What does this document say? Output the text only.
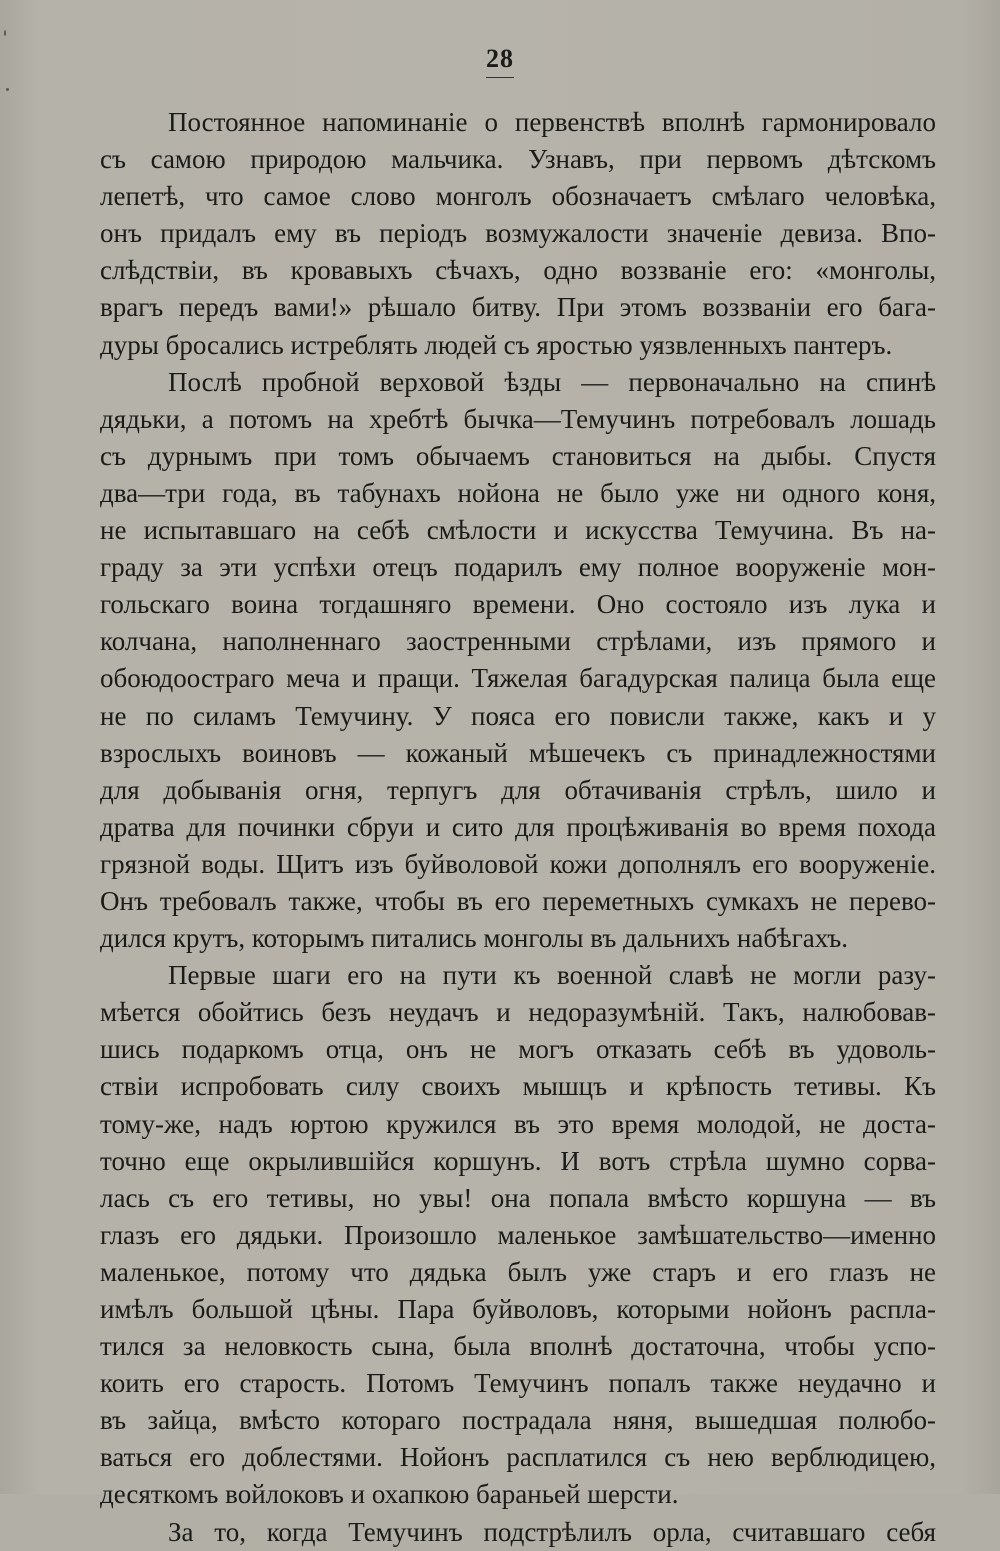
28
Постоянное напоминанiе о первенствѣ вполнѣ гармонировало
съ самою природою мальчика. Узнавъ, при первомъ дѣтскомъ
лепетѣ, что самое слово монголъ обозначаетъ смѣлаго человѣка,
онъ придалъ ему въ перiодъ возмужалости значенiе девиза. Впо-
слѣдствiи, въ кровавыхъ сѣчахъ, одно воззванiе его: «монголы,
врагъ передъ вами!» рѣшало битву. При этомъ воззванiи его бага-
дуры бросались истреблять людей съ яростью уязвленныхъ пантеръ.
Послѣ пробной верховой ѣзды — первоначально на спинѣ
дядьки, а потомъ на хребтѣ бычка—Темучинъ потребовалъ лошадь
съ дурнымъ при томъ обычаемъ становиться на дыбы. Спустя
два—три года, въ табунахъ нойона не было уже ни одного коня,
не испытавшаго на себѣ смѣлости и искусства Темучина. Въ на-
граду за эти успѣхи отецъ подарилъ ему полное вооруженiе мон-
гольскаго воина тогдашняго времени. Оно состояло изъ лука и
колчана, наполненнаго заостренными стрѣлами, изъ прямого и
обоюдоостраго меча и пращи. Тяжелая багадурская палица была еще
не по силамъ Темучину. У пояса его повисли также, какъ и у
взрослыхъ воиновъ — кожаный мѣшечекъ съ принадлежностями
для добыванiя огня, терпугъ для обтачиванiя стрѣлъ, шило и
дратва для починки сбруи и сито для процѣживанiя во время похода
грязной воды. Щитъ изъ буйволовой кожи дополнялъ его вооруженiе.
Онъ требовалъ также, чтобы въ его переметныхъ сумкахъ не перево-
дился крутъ, которымъ питались монголы въ дальнихъ набѣгахъ.
Первые шаги его на пути къ военной славѣ не могли разу-
мѣется обойтись безъ неудачъ и недоразумѣнiй. Такъ, налюбовав-
шись подаркомъ отца, онъ не могъ отказать себѣ въ удоволь-
ствiи испробовать силу своихъ мышцъ и крѣпость тетивы. Къ
тому-же, надъ юртою кружился въ это время молодой, не доста-
точно еще окрылившiйся коршунъ. И вотъ стрѣла шумно сорва-
лась съ его тетивы, но увы! она попала вмѣсто коршуна — въ
глазъ его дядьки. Произошло маленькое замѣшательство—именно
маленькое, потому что дядька былъ уже старъ и его глазъ не
имѣлъ большой цѣны. Пара буйволовъ, которыми нойонъ распла-
тился за неловкость сына, была вполнѣ достаточна, чтобы успо-
коить его старость. Потомъ Темучинъ попалъ также неудачно и
въ зайца, вмѣсто котораго пострадала няня, вышедшая полюбо-
ваться его доблестями. Нойонъ расплатился съ нею верблюдицею,
десяткомъ войлоковъ и охапкою бараньей шерсти.
За то, когда Темучинъ подстрѣлилъ орла, считавшаго себя
